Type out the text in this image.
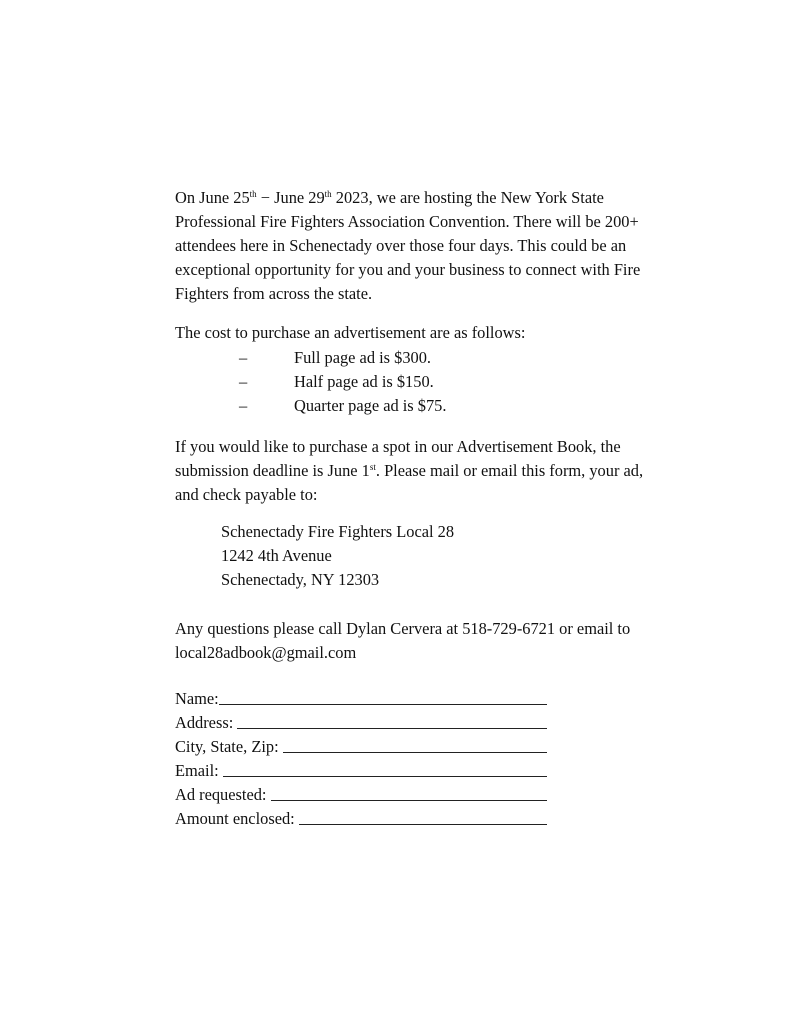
On June 25th − June 29th 2023, we are hosting the New York State
Professional Fire Fighters Association Convention. There will be 200+
attendees here in Schenectady over those four days. This could be an
exceptional opportunity for you and your business to connect with Fire
Fighters from across the state.

The cost to purchase an advertisement are as follows:

–	Full page ad is $300.
–	Half page ad is $150.
–	Quarter page ad is $75.

If you would like to purchase a spot in our Advertisement Book, the
submission deadline is June 1st. Please mail or email this form, your ad,
and check payable to:

Schenectady Fire Fighters Local 28
1242 4th Avenue
Schenectady, NY 12303

Any questions please call Dylan Cervera at 518-729-6721 or email to
local28adbook@gmail.com

Name:
Address:
City, State, Zip:
Email:
Ad requested:
Amount enclosed:
